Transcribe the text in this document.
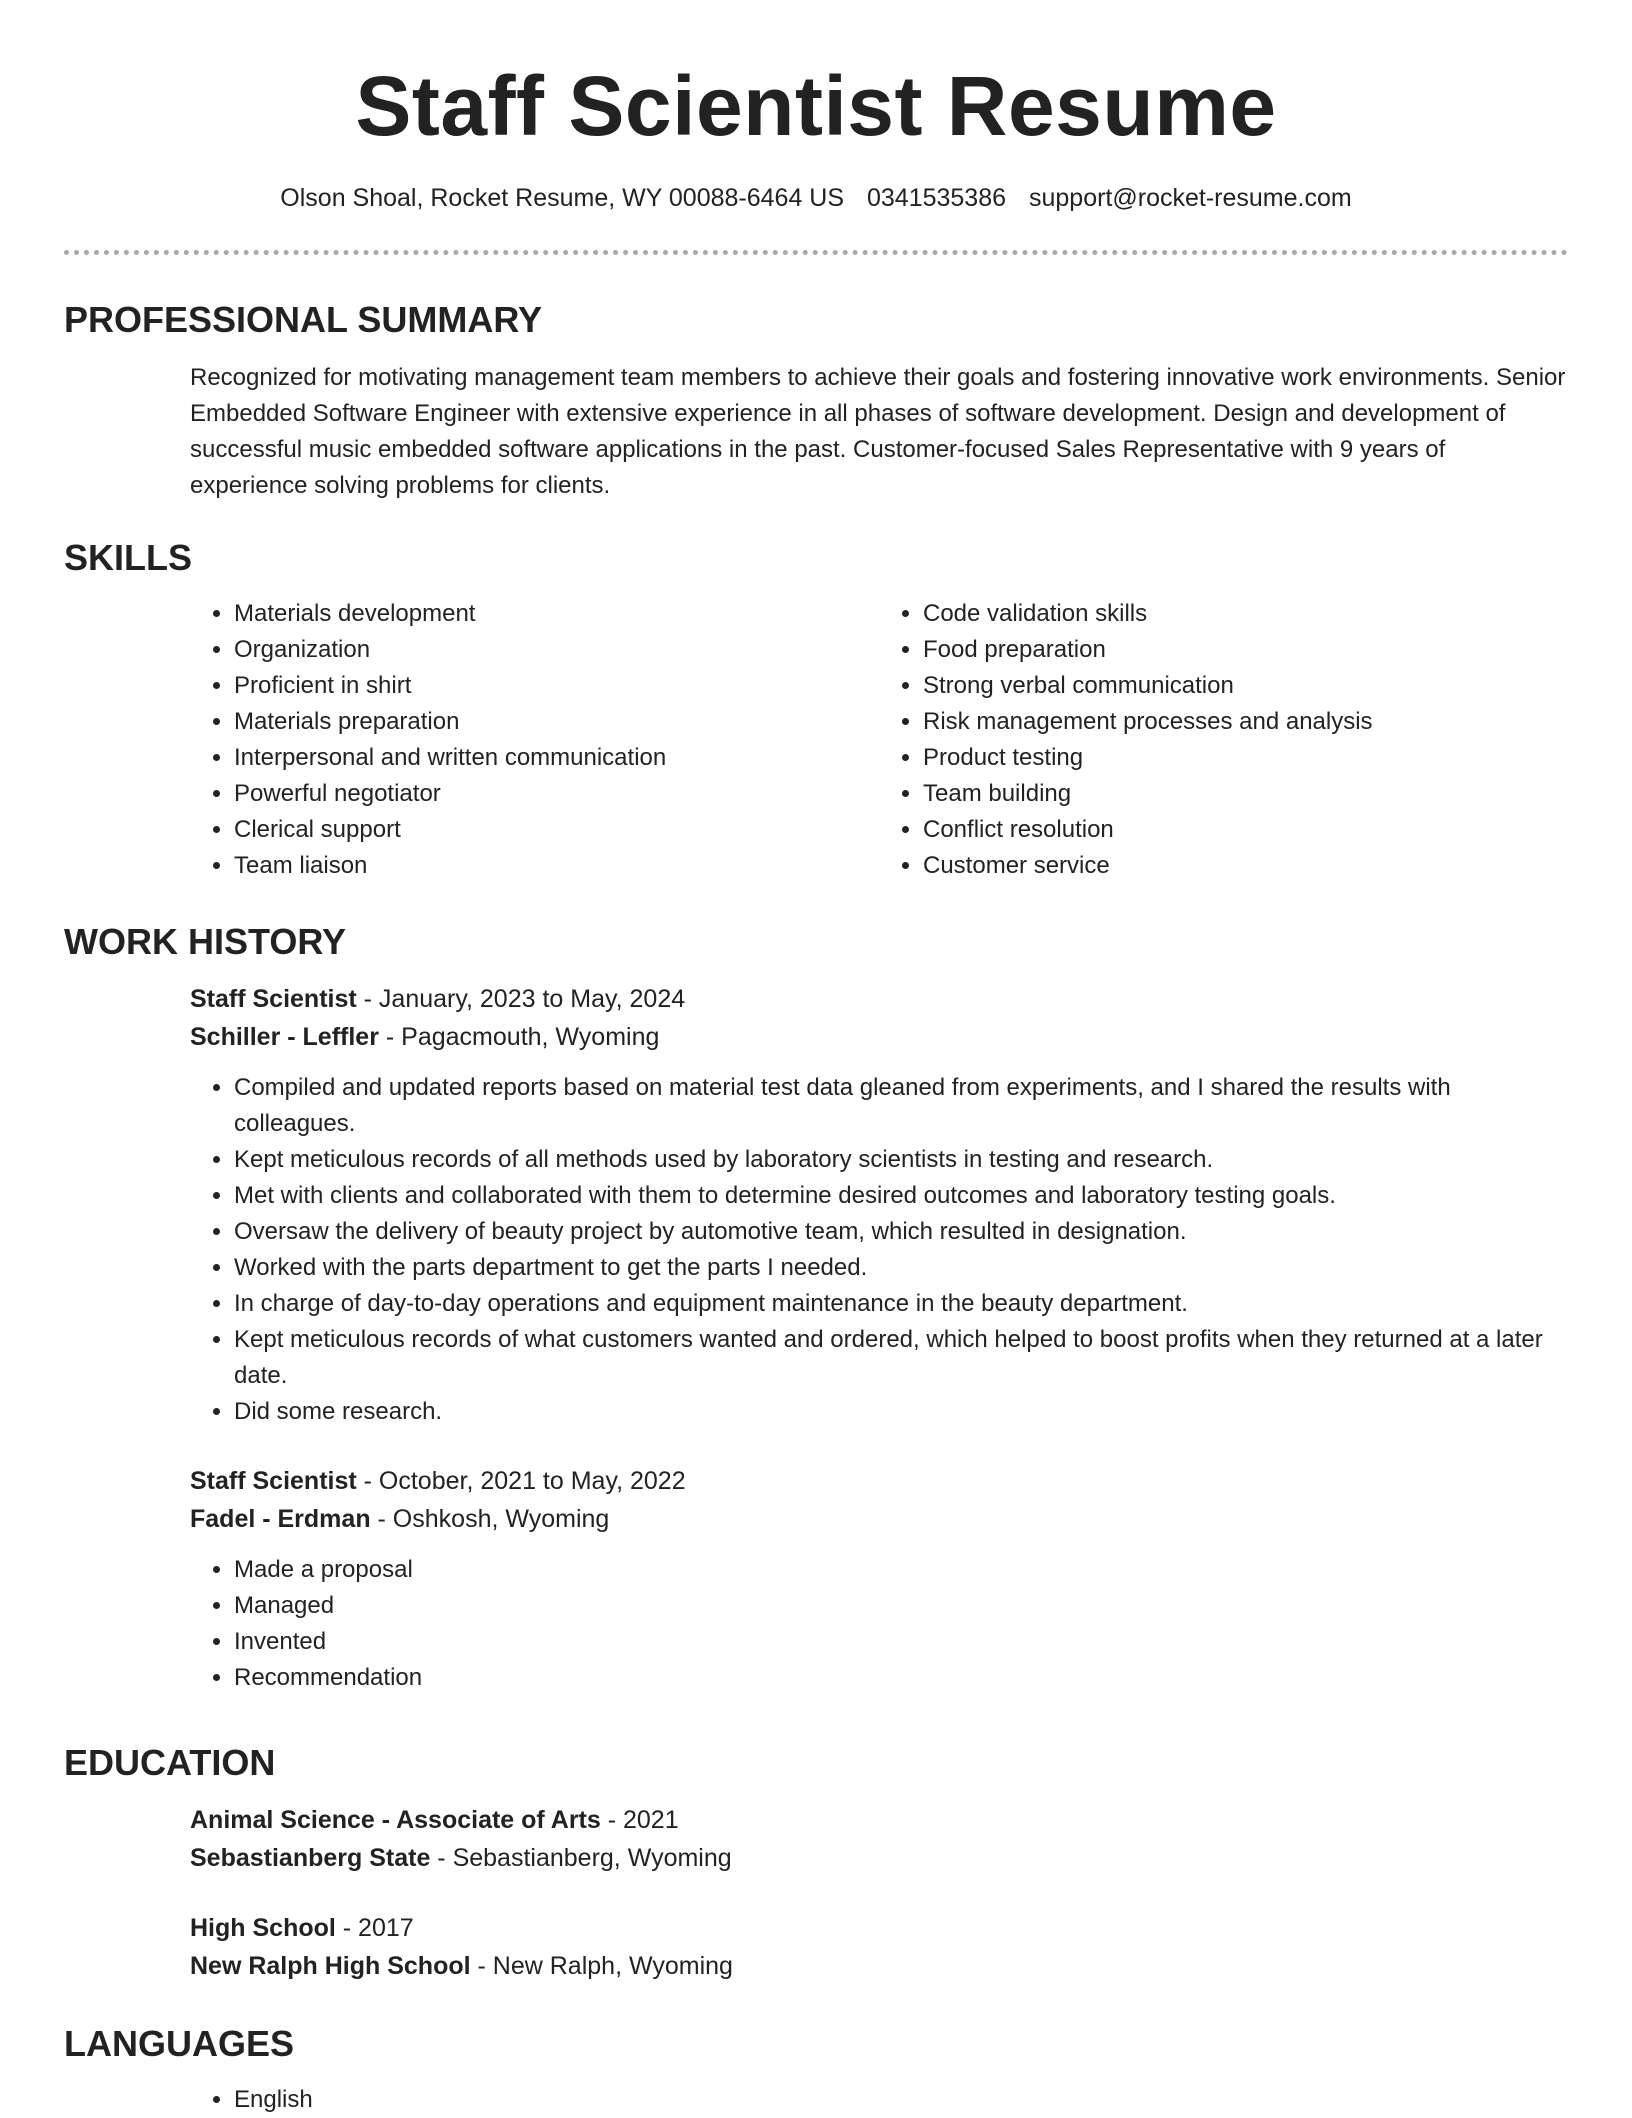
Staff Scientist Resume
Olson Shoal, Rocket Resume, WY 00088-6464 US 0341535386 support@rocket-resume.com
PROFESSIONAL SUMMARY

Recognized for motivating management team members to achieve their goals and fostering innovative work environments. Senior Embedded Software Engineer with extensive experience in all phases of software development. Design and development of successful music embedded software applications in the past. Customer-focused Sales Representative with 9 years of experience solving problems for clients.

SKILLS
• Materials development
• Organization
• Proficient in shirt
• Materials preparation
• Interpersonal and written communication
• Powerful negotiator
• Clerical support
• Team liaison
• Code validation skills
• Food preparation
• Strong verbal communication
• Risk management processes and analysis
• Product testing
• Team building
• Conflict resolution
• Customer service
WORK HISTORY
Staff Scientist - January, 2023 to May, 2024
Schiller - Leffler - Pagacmouth, Wyoming
• Compiled and updated reports based on material test data gleaned from experiments, and I shared the results with colleagues.
• Kept meticulous records of all methods used by laboratory scientists in testing and research.
• Met with clients and collaborated with them to determine desired outcomes and laboratory testing goals.
• Oversaw the delivery of beauty project by automotive team, which resulted in designation.
• Worked with the parts department to get the parts I needed.
• In charge of day-to-day operations and equipment maintenance in the beauty department.
• Kept meticulous records of what customers wanted and ordered, which helped to boost profits when they returned at a later date.
• Did some research.
Staff Scientist - October, 2021 to May, 2022
Fadel - Erdman - Oshkosh, Wyoming
• Made a proposal
• Managed
• Invented
• Recommendation
EDUCATION
Animal Science - Associate of Arts - 2021
Sebastianberg State - Sebastianberg, Wyoming
High School - 2017
New Ralph High School - New Ralph, Wyoming
LANGUAGES
• English
